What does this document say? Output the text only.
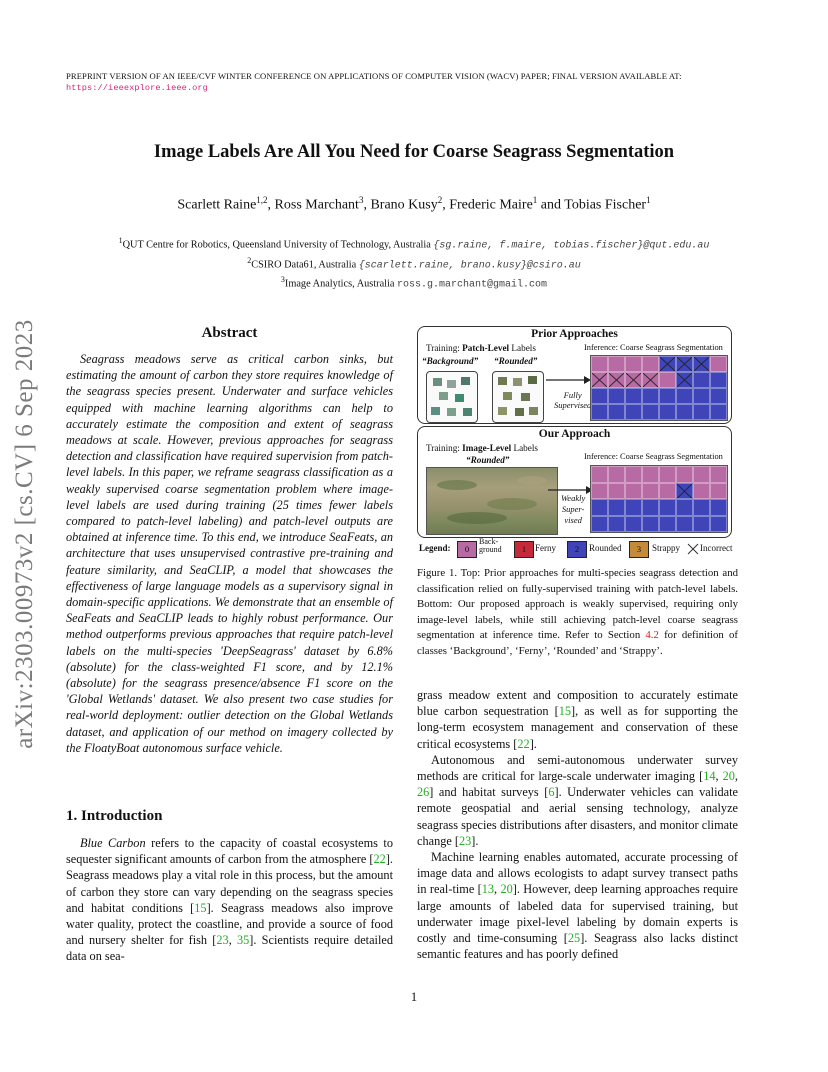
PREPRINT VERSION OF AN IEEE/CVF WINTER CONFERENCE ON APPLICATIONS OF COMPUTER VISION (WACV) PAPER; FINAL VERSION AVAILABLE AT:
https://ieeexplore.ieee.org
arXiv:2303.00973v2 [cs.CV] 6 Sep 2023
Image Labels Are All You Need for Coarse Seagrass Segmentation
Scarlett Raine$^{1,2}$, Ross Marchant$^3$, Brano Kusy$^2$, Frederic Maire$^1$ and Tobias Fischer$^1$
$^1$QUT Centre for Robotics, Queensland University of Technology, Australia {sg.raine, f.maire, tobias.fischer}@qut.edu.au
$^2$CSIRO Data61, Australia {scarlett.raine, brano.kusy}@csiro.au
$^3$Image Analytics, Australia ross.g.marchant@gmail.com
Abstract

Seagrass meadows serve as critical carbon sinks, but estimating the amount of carbon they store requires knowledge of the seagrass species present. Underwater and surface vehicles equipped with machine learning algorithms can help to accurately estimate the composition and extent of seagrass meadows at scale. However, previous approaches for seagrass detection and classification have required supervision from patch-level labels. In this paper, we reframe seagrass classification as a weakly supervised coarse segmentation problem where image-level labels are used during training (25 times fewer labels compared to patch-level labeling) and patch-level outputs are obtained at inference time. To this end, we introduce SeaFeats, an architecture that uses unsupervised contrastive pre-training and feature similarity, and SeaCLIP, a model that showcases the effectiveness of large language models as a supervisory signal in domain-specific applications. We demonstrate that an ensemble of SeaFeats and SeaCLIP leads to highly robust performance. Our method outperforms previous approaches that require patch-level labels on the multi-species 'DeepSeagrass' dataset by 6.8% (absolute) for the class-weighted F1 score, and by 12.1% (absolute) for the seagrass presence/absence F1 score on the 'Global Wetlands' dataset. We also present two case studies for real-world deployment: outlier detection on the Global Wetlands dataset, and application of our method on imagery collected by the FloatyBoat autonomous surface vehicle.

1. Introduction

Blue Carbon refers to the capacity of coastal ecosystems to sequester significant amounts of carbon from the atmosphere [22]. Seagrass meadows play a vital role in this process, but the amount of carbon they store can vary depending on the seagrass species and habitat conditions [15]. Seagrass meadows also improve water quality, protect the coastline, and provide a source of food and nursery shelter for fish [23, 35]. Scientists require detailed data on sea-

Prior Approaches
Training: Patch-Level Labels
“Background” “Rounded”
Fully
Supervised
Inference: Coarse Seagrass Segmentation
Our Approach
Training: Image-Level Labels
“Rounded”
Weakly
Super-
vised
Inference: Coarse Seagrass Segmentation
Legend:	0
Back-
ground	1 Ferny	2	Rounded	3	Strappy Incorrect
Figure 1. Top: Prior approaches for multi-species seagrass detection and classification relied on fully-supervised training with patch-level labels. Bottom: Our proposed approach is weakly supervised, requiring only image-level labels, while still achieving patch-level coarse seagrass segmentation at inference time. Refer to Section 4.2 for definition of classes ‘Background’, ‘Ferny’, ‘Rounded’ and ‘Strappy’.

grass meadow extent and composition to accurately estimate blue carbon sequestration [15], as well as for supporting the long-term ecosystem management and conservation of these critical ecosystems [22].

Autonomous and semi-autonomous underwater survey methods are critical for large-scale underwater imaging [14, 20, 26] and habitat surveys [6]. Underwater vehicles can validate remote geospatial and aerial sensing technology, analyze seagrass species distributions after disasters, and monitor climate change [23].

Machine learning enables automated, accurate processing of image data and allows ecologists to adapt survey transect paths in real-time [13, 20]. However, deep learning approaches require large amounts of labeled data for supervised training, but underwater image pixel-level labeling by domain experts is costly and time-consuming [25]. Seagrass also lacks distinct semantic features and has poorly defined

1
